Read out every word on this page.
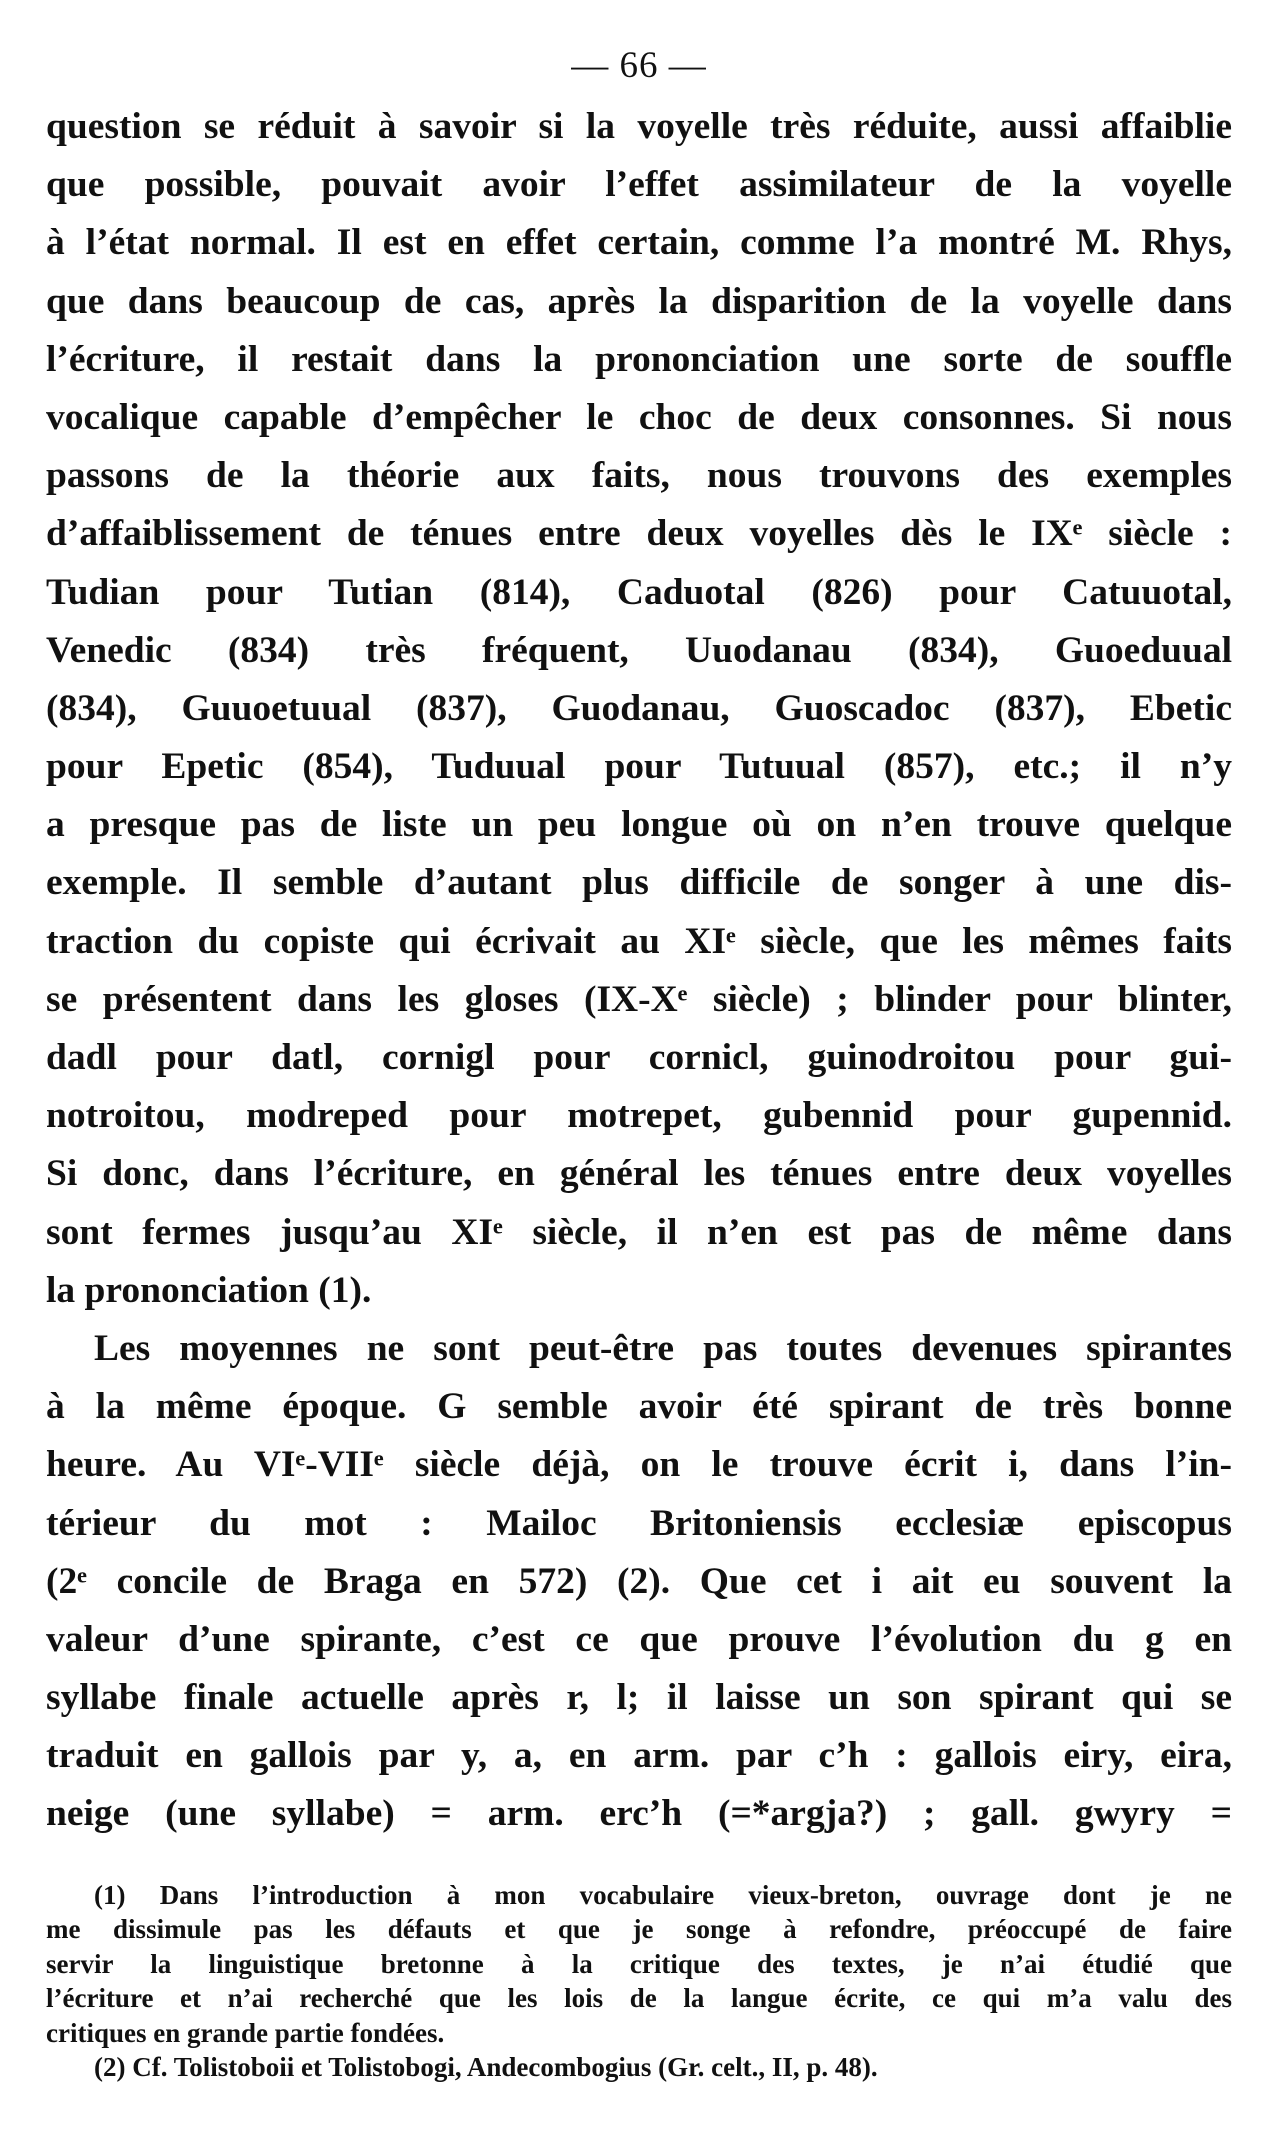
— 66 —
question se réduit à savoir si la voyelle très réduite, aussi affaiblie
que possible, pouvait avoir l’effet assimilateur de la voyelle
à l’état normal. Il est en effet certain, comme l’a montré M. Rhys,
que dans beaucoup de cas, après la disparition de la voyelle dans
l’écriture, il restait dans la prononciation une sorte de souffle
vocalique capable d’empêcher le choc de deux consonnes. Si nous
passons de la théorie aux faits, nous trouvons des exemples
d’affaiblissement de ténues entre deux voyelles dès le IXᵉ siècle :
Tudian pour Tutian (814), Caduotal (826) pour Catuuotal,
Venedic (834) très fréquent, Uuodanau (834), Guoeduual
(834), Guuoetuual (837), Guodanau, Guoscadoc (837), Ebetic
pour Epetic (854), Tuduual pour Tutuual (857), etc.; il n’y
a presque pas de liste un peu longue où on n’en trouve quelque
exemple. Il semble d’autant plus difficile de songer à une dis-
traction du copiste qui écrivait au XIᵉ siècle, que les mêmes faits
se présentent dans les gloses (IX-Xᵉ siècle) ; blinder pour blinter,
dadl pour datl, cornigl pour cornicl, guinodroitou pour gui-
notroitou, modreped pour motrepet, gubennid pour gupennid.
Si donc, dans l’écriture, en général les ténues entre deux voyelles
sont fermes jusqu’au XIᵉ siècle, il n’en est pas de même dans
la prononciation (1).
Les moyennes ne sont peut-être pas toutes devenues spirantes
à la même époque. G semble avoir été spirant de très bonne
heure. Au VIᵉ-VIIᵉ siècle déjà, on le trouve écrit i, dans l’in-
térieur du mot : Mailoc Britoniensis ecclesiæ episcopus
(2ᵉ concile de Braga en 572) (2). Que cet i ait eu souvent la
valeur d’une spirante, c’est ce que prouve l’évolution du g en
syllabe finale actuelle après r, l; il laisse un son spirant qui se
traduit en gallois par y, a, en arm. par c’h : gallois eiry, eira,
neige (une syllabe) = arm. erc’h (=*argja?) ; gall. gwyry =
(1) Dans l’introduction à mon vocabulaire vieux-breton, ouvrage dont je ne
me dissimule pas les défauts et que je songe à refondre, préoccupé de faire
servir la linguistique bretonne à la critique des textes, je n’ai étudié que
l’écriture et n’ai recherché que les lois de la langue écrite, ce qui m’a valu des
critiques en grande partie fondées.
(2) Cf. Tolistoboii et Tolistobogi, Andecombogius (Gr. celt., II, p. 48).
